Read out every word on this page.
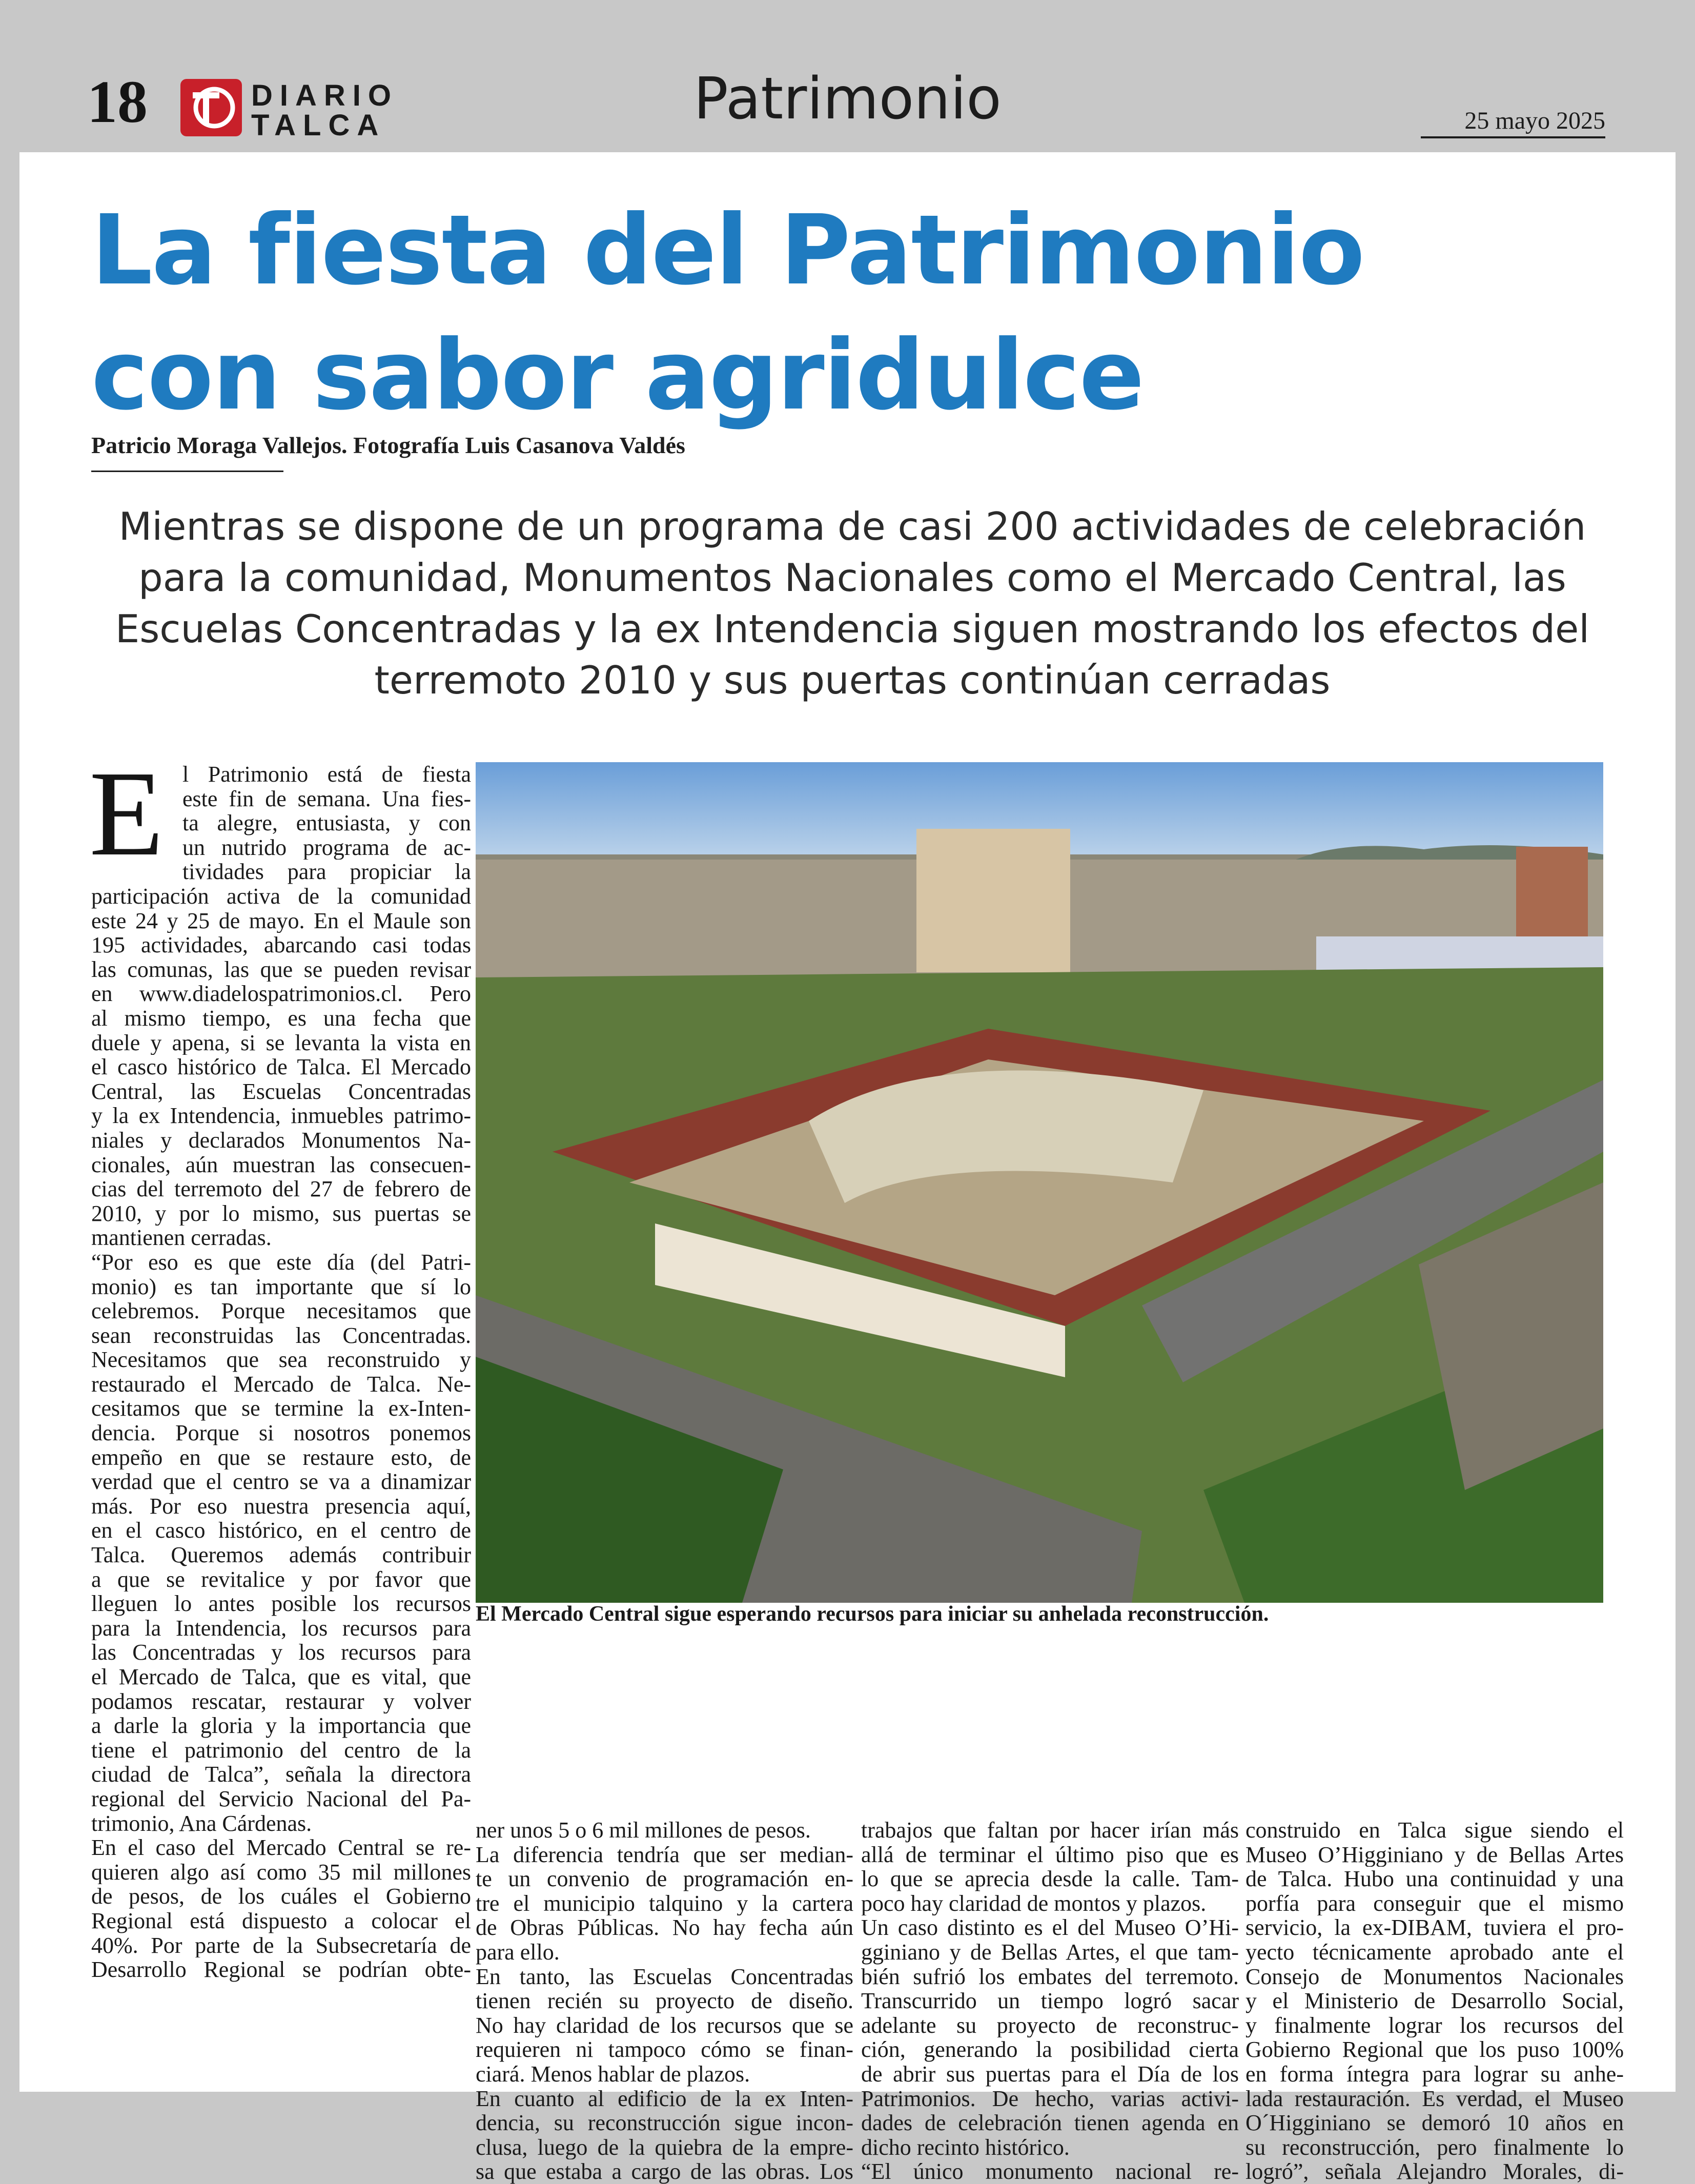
18	DIARIO
TALCA	Patrimonio	25 mayo 2025
La fiesta del Patrimonio
con sabor agridulce
Patricio Moraga Vallejos. Fotografía Luis Casanova Valdés
Mientras se dispone de un programa de casi 200 actividades de celebración
para la comunidad, Monumentos Nacionales como el Mercado Central, las
Escuelas Concentradas y la ex Intendencia siguen mostrando los efectos del
terremoto 2010 y sus puertas continúan cerradas
E l Patrimonio está de fiesta
este fin de semana. Una fies-
ta alegre, entusiasta, y con
un nutrido programa de ac-
tividades para propiciar la
participación activa de la comunidad
este 24 y 25 de mayo. En el Maule son
195 actividades, abarcando casi todas
las comunas, las que se pueden revisar
en www.diadelospatrimonios.cl. Pero
al mismo tiempo, es una fecha que
duele y apena, si se levanta la vista en
el casco histórico de Talca. El Mercado
Central, las Escuelas Concentradas
y la ex Intendencia, inmuebles patrimo-
niales y declarados Monumentos Na-
cionales, aún muestran las consecuen-
cias del terremoto del 27 de febrero de
2010, y por lo mismo, sus puertas se
mantienen cerradas.
“Por eso es que este día (del Patri-
monio) es tan importante que sí lo
celebremos. Porque necesitamos que
sean reconstruidas las Concentradas.
Necesitamos que sea reconstruido y
restaurado el Mercado de Talca. Ne-
cesitamos que se termine la ex-Inten-
dencia. Porque si nosotros ponemos
empeño en que se restaure esto, de
verdad que el centro se va a dinamizar
más. Por eso nuestra presencia aquí,
en el casco histórico, en el centro de
Talca. Queremos además contribuir
a que se revitalice y por favor que
lleguen lo antes posible los recursos
para la Intendencia, los recursos para
las Concentradas y los recursos para
el Mercado de Talca, que es vital, que
podamos rescatar, restaurar y volver
a darle la gloria y la importancia que
tiene el patrimonio del centro de la
ciudad de Talca”, señala la directora
regional del Servicio Nacional del Pa-
trimonio, Ana Cárdenas.
En el caso del Mercado Central se re-
quieren algo así como 35 mil millones
de pesos, de los cuáles el Gobierno
Regional está dispuesto a colocar el
40%. Por parte de la Subsecretaría de
Desarrollo Regional se podrían obte-
ner unos 5 o 6 mil millones de pesos.
La diferencia tendría que ser median-
te un convenio de programación en-
tre el municipio talquino y la cartera
de Obras Públicas. No hay fecha aún
para ello.
En tanto, las Escuelas Concentradas
tienen recién su proyecto de diseño.
No hay claridad de los recursos que se
requieren ni tampoco cómo se finan-
ciará. Menos hablar de plazos.
En cuanto al edificio de la ex Inten-
dencia, su reconstrucción sigue incon-
clusa, luego de la quiebra de la empre-
sa que estaba a cargo de las obras. Los
trabajos que faltan por hacer irían más
allá de terminar el último piso que es
lo que se aprecia desde la calle. Tam-
poco hay claridad de montos y plazos.
Un caso distinto es el del Museo O’Hi-
gginiano y de Bellas Artes, el que tam-
bién sufrió los embates del terremoto.
Transcurrido un tiempo logró sacar
adelante su proyecto de reconstruc-
ción, generando la posibilidad cierta
de abrir sus puertas para el Día de los
Patrimonios. De hecho, varias activi-
dades de celebración tienen agenda en
dicho recinto histórico.
“El único monumento nacional re-
construido en Talca sigue siendo el
Museo O’Higginiano y de Bellas Artes
de Talca. Hubo una continuidad y una
porfía para conseguir que el mismo
servicio, la ex-DIBAM, tuviera el pro-
yecto técnicamente aprobado ante el
Consejo de Monumentos Nacionales
y el Ministerio de Desarrollo Social,
y finalmente lograr los recursos del
Gobierno Regional que los puso 100%
en forma íntegra para lograr su anhe-
lada restauración. Es verdad, el Museo
O´Higginiano se demoró 10 años en
su reconstrucción, pero finalmente lo
logró”, señala Alejandro Morales, di-
El Mercado Central sigue esperando recursos para iniciar su anhelada reconstrucción.
